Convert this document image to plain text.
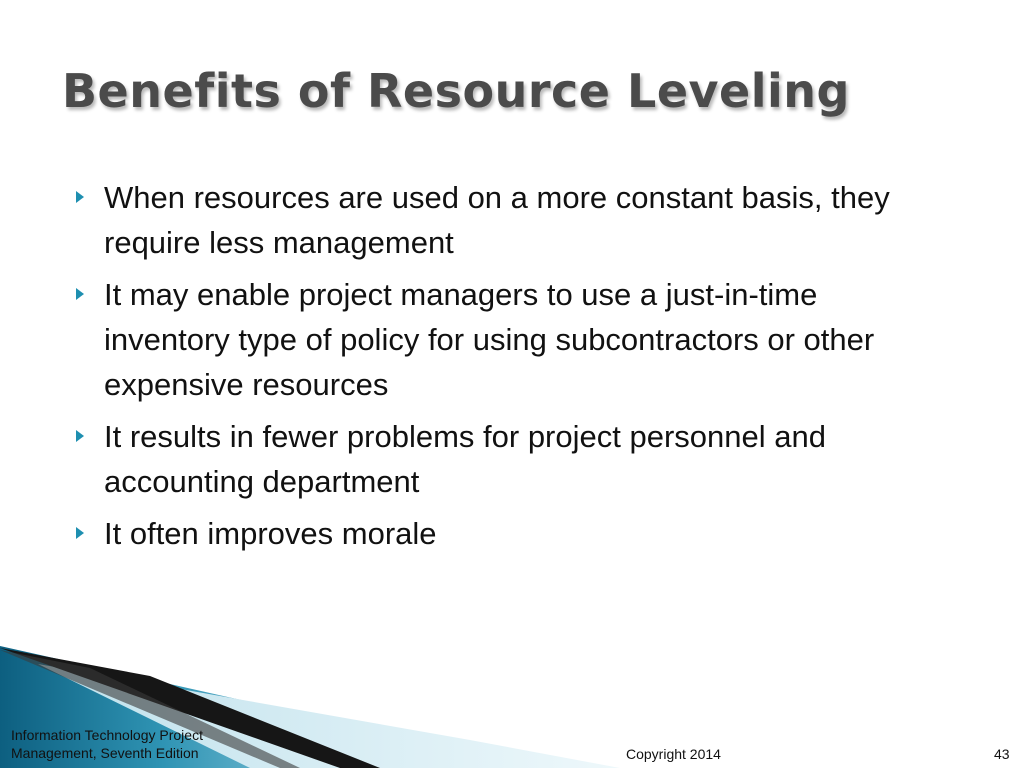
Benefits of Resource Leveling
When resources are used on a more constant basis, they require less management
It may enable project managers to use a just-in-time inventory type of policy for using subcontractors or other expensive resources
It results in fewer problems for project personnel and accounting department
It often improves morale
Information Technology Project
Management, Seventh Edition	Copyright 2014	43
